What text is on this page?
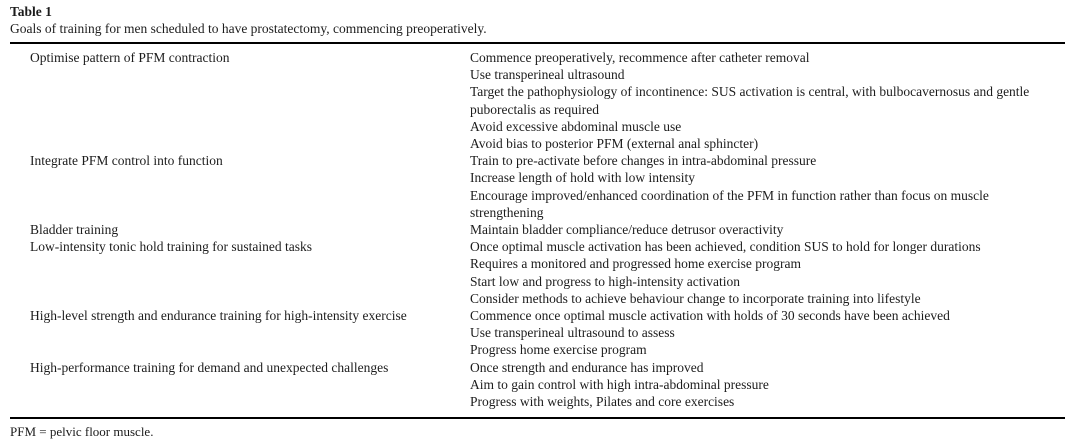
Table 1
Goals of training for men scheduled to have prostatectomy, commencing preoperatively.
Optimise pattern of PFM contraction	Commence preoperatively, recommence after catheter removal
Use transperineal ultrasound
Target the pathophysiology of incontinence: SUS activation is central, with bulbocavernosus and gentle puborectalis as required
Avoid excessive abdominal muscle use
Avoid bias to posterior PFM (external anal sphincter)
Integrate PFM control into function	Train to pre-activate before changes in intra-abdominal pressure
Increase length of hold with low intensity
Encourage improved/enhanced coordination of the PFM in function rather than focus on muscle strengthening
Bladder training	Maintain bladder compliance/reduce detrusor overactivity
Low-intensity tonic hold training for sustained tasks	Once optimal muscle activation has been achieved, condition SUS to hold for longer durations
Requires a monitored and progressed home exercise program
Start low and progress to high-intensity activation
Consider methods to achieve behaviour change to incorporate training into lifestyle
High-level strength and endurance training for high-intensity exercise	Commence once optimal muscle activation with holds of 30 seconds have been achieved
Use transperineal ultrasound to assess
Progress home exercise program
High-performance training for demand and unexpected challenges	Once strength and endurance has improved
Aim to gain control with high intra-abdominal pressure
Progress with weights, Pilates and core exercises
PFM = pelvic floor muscle.
